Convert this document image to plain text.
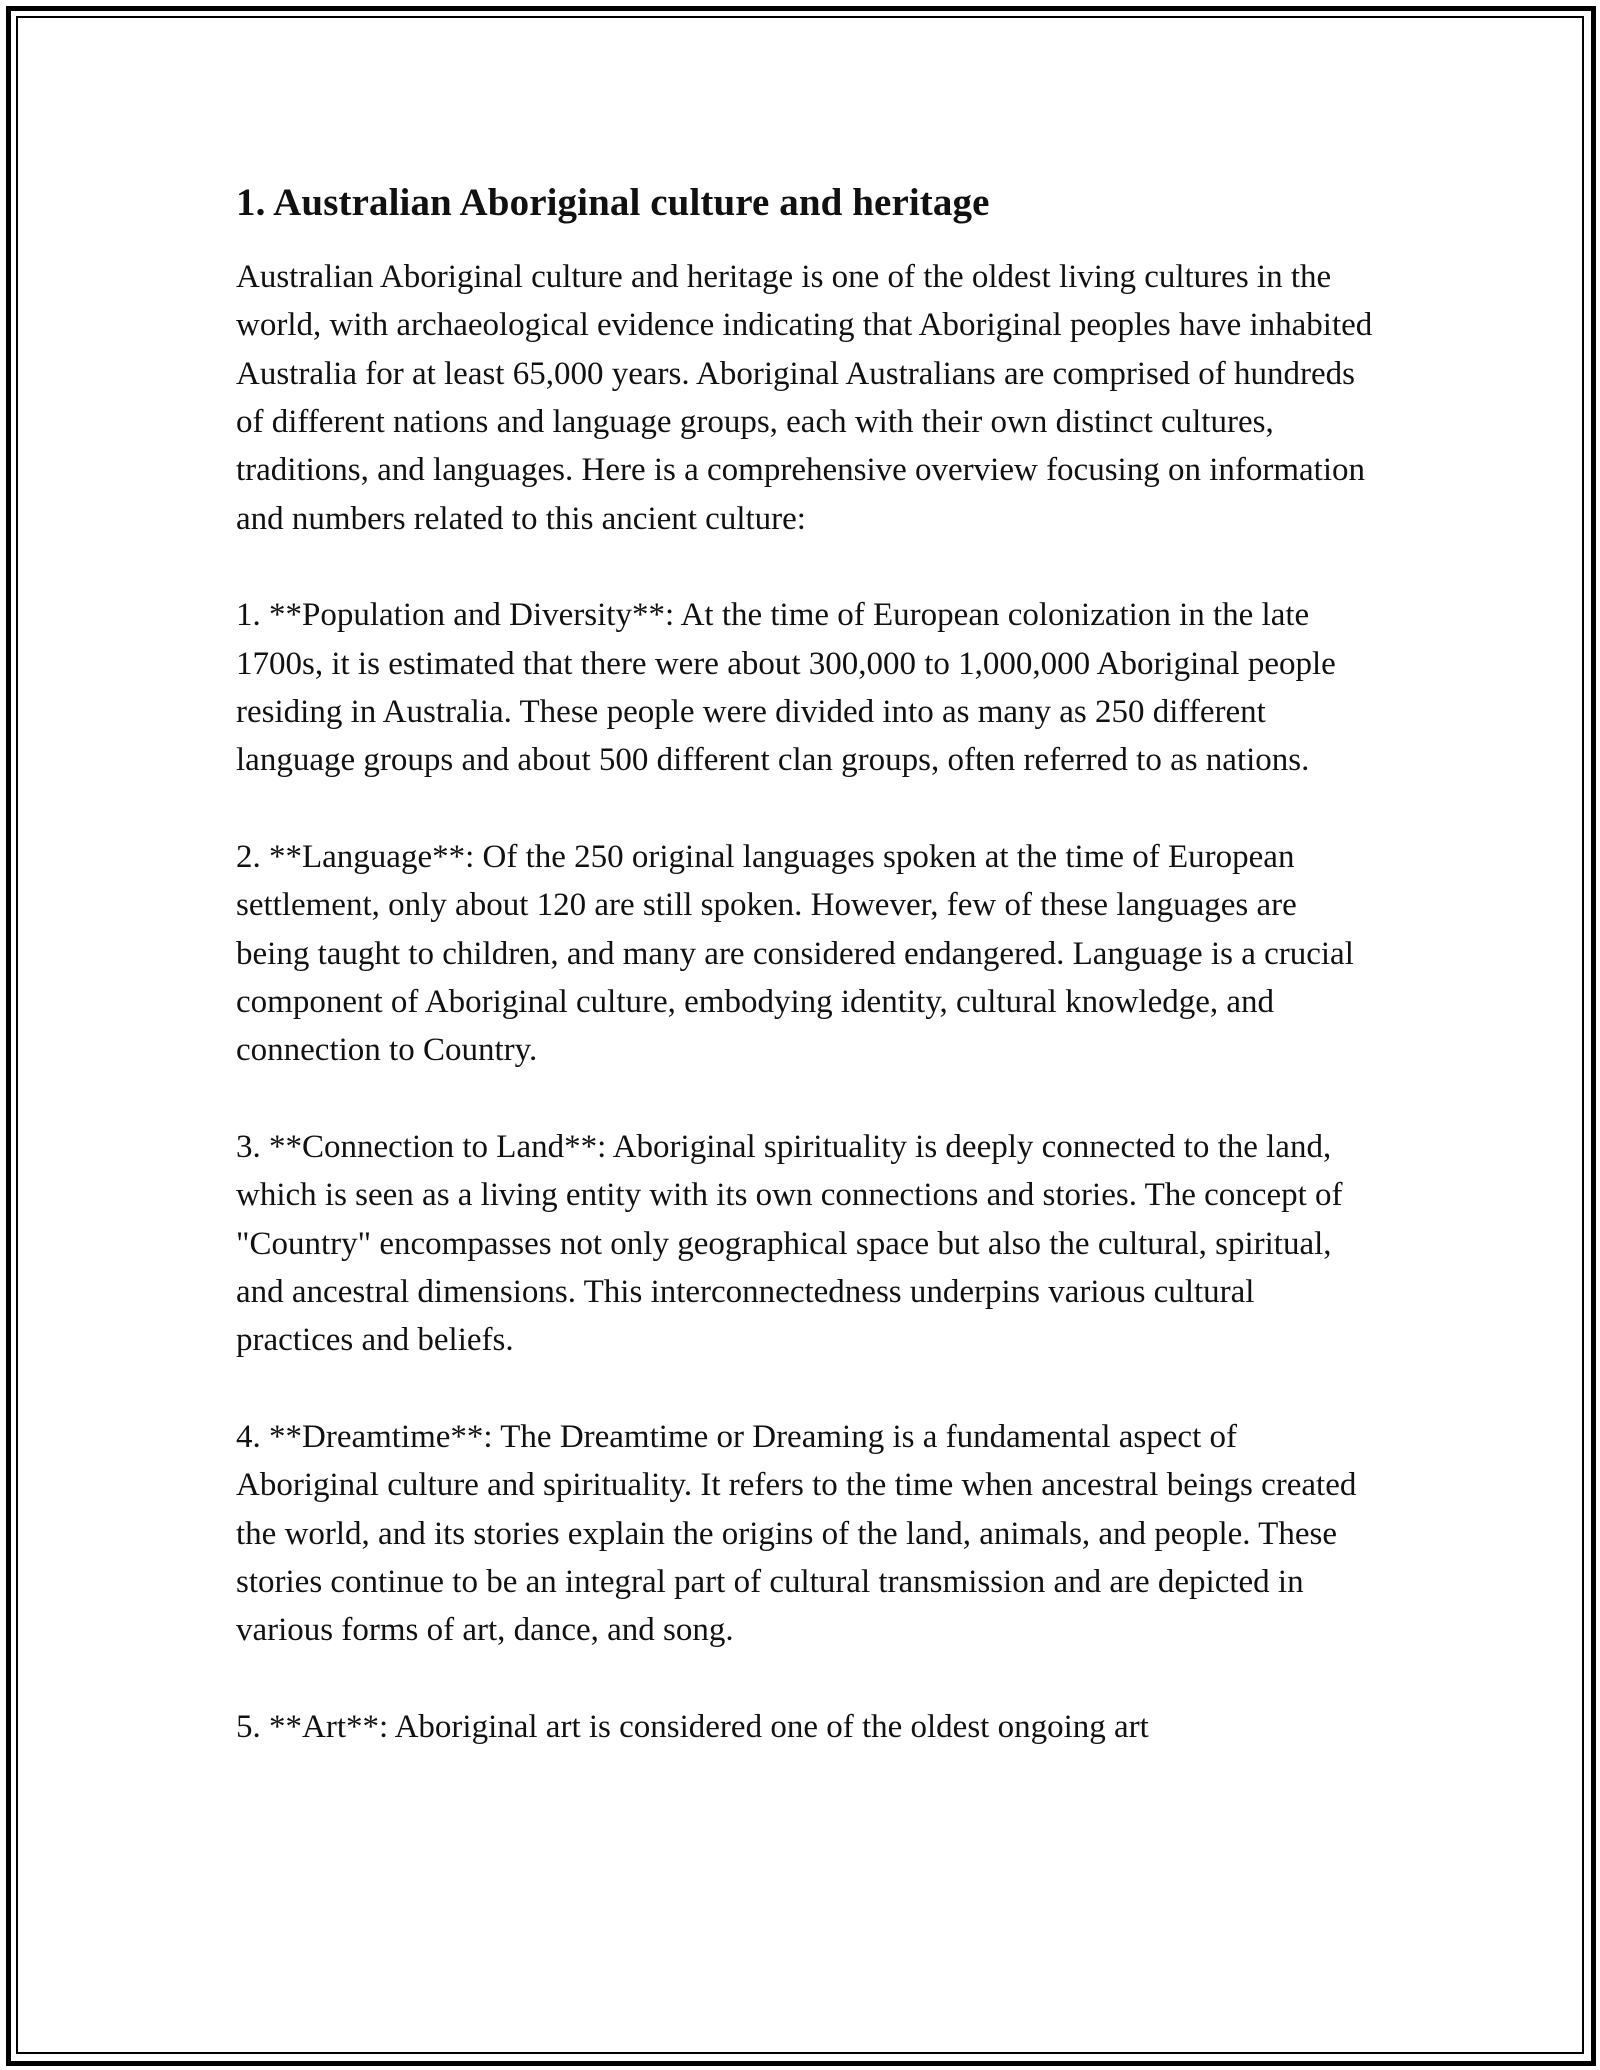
1. Australian Aboriginal culture and heritage

Australian Aboriginal culture and heritage is one of the oldest living cultures in the world, with archaeological evidence indicating that Aboriginal peoples have inhabited Australia for at least 65,000 years. Aboriginal Australians are comprised of hundreds of different nations and language groups, each with their own distinct cultures, traditions, and languages. Here is a comprehensive overview focusing on information and numbers related to this ancient culture:

1. **Population and Diversity**: At the time of European colonization in the late 1700s, it is estimated that there were about 300,000 to 1,000,000 Aboriginal people residing in Australia. These people were divided into as many as 250 different language groups and about 500 different clan groups, often referred to as nations.

2. **Language**: Of the 250 original languages spoken at the time of European settlement, only about 120 are still spoken. However, few of these languages are being taught to children, and many are considered endangered. Language is a crucial component of Aboriginal culture, embodying identity, cultural knowledge, and connection to Country.

3. **Connection to Land**: Aboriginal spirituality is deeply connected to the land, which is seen as a living entity with its own connections and stories. The concept of "Country" encompasses not only geographical space but also the cultural, spiritual, and ancestral dimensions. This interconnectedness underpins various cultural practices and beliefs.

4. **Dreamtime**: The Dreamtime or Dreaming is a fundamental aspect of Aboriginal culture and spirituality. It refers to the time when ancestral beings created the world, and its stories explain the origins of the land, animals, and people. These stories continue to be an integral part of cultural transmission and are depicted in various forms of art, dance, and song.

5. **Art**: Aboriginal art is considered one of the oldest ongoing art
